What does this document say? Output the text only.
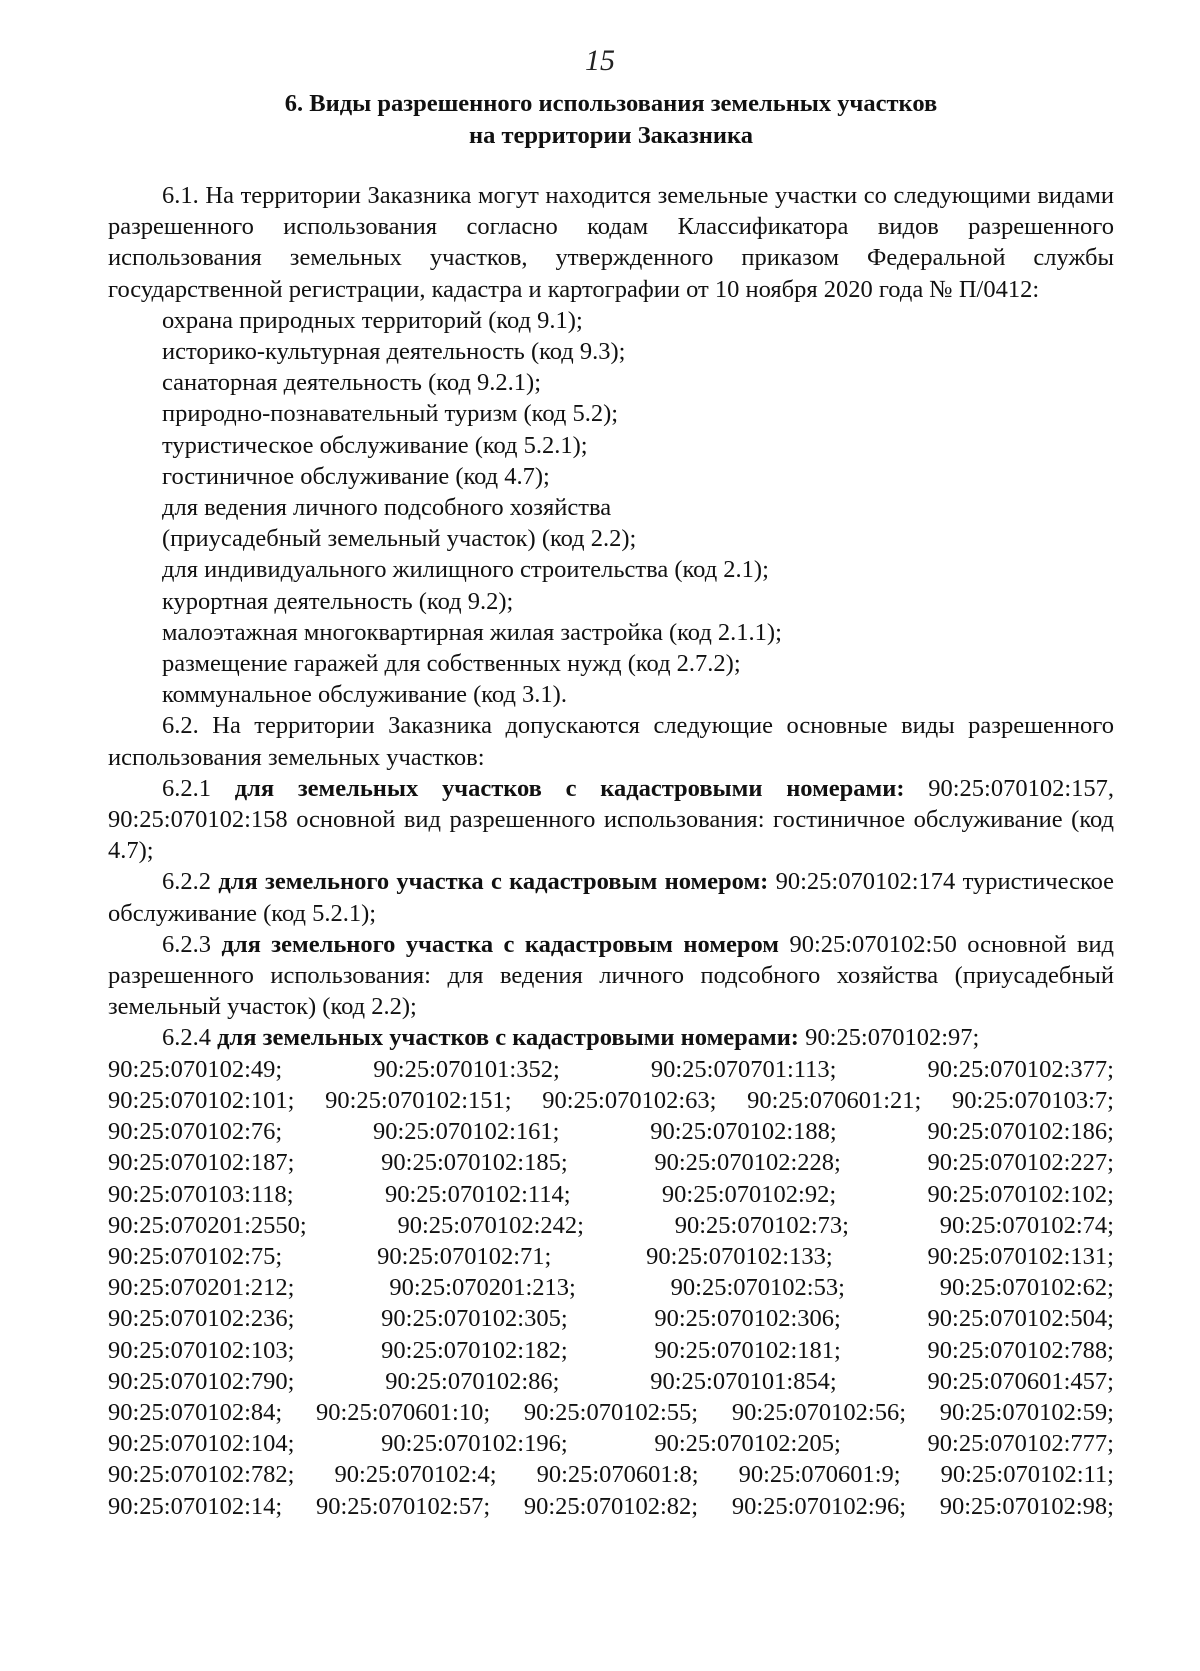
15
6. Виды разрешенного использования земельных участков
на территории Заказника

6.1. На территории Заказника могут находится земельные участки со следующими видами разрешенного использования согласно кодам Классификатора видов разрешенного использования земельных участков, утвержденного приказом Федеральной службы государственной регистрации, кадастра и картографии от 10 ноября 2020 года № П/0412:

охрана природных территорий (код 9.1);
историко-культурная деятельность (код 9.3);
санаторная деятельность (код 9.2.1);
природно-познавательный туризм (код 5.2);
туристическое обслуживание (код 5.2.1);
гостиничное обслуживание (код 4.7);
для ведения личного подсобного хозяйства
(приусадебный земельный участок) (код 2.2);
для индивидуального жилищного строительства (код 2.1);
курортная деятельность (код 9.2);
малоэтажная многоквартирная жилая застройка (код 2.1.1);
размещение гаражей для собственных нужд (код 2.7.2);
коммунальное обслуживание (код 3.1).

6.2. На территории Заказника допускаются следующие основные виды разрешенного использования земельных участков:

6.2.1 для земельных участков с кадастровыми номерами: 90:25:070102:157, 90:25:070102:158 основной вид разрешенного использования: гостиничное обслуживание (код 4.7);

6.2.2 для земельного участка с кадастровым номером: 90:25:070102:174 туристическое обслуживание (код 5.2.1);

6.2.3 для земельного участка с кадастровым номером 90:25:070102:50 основной вид разрешенного использования: для ведения личного подсобного хозяйства (приусадебный земельный участок) (код 2.2);

6.2.4 для земельных участков с кадастровыми номерами: 90:25:070102:97;

90:25:070102:49;	90:25:070101:352;	90:25:070701:113;	90:25:070102:377;
90:25:070102:101; 90:25:070102:151; 90:25:070102:63; 90:25:070601:21; 90:25:070103:7;
90:25:070102:76;	90:25:070102:161;	90:25:070102:188;	90:25:070102:186;
90:25:070102:187;	90:25:070102:185;	90:25:070102:228;	90:25:070102:227;
90:25:070103:118;	90:25:070102:114;	90:25:070102:92;	90:25:070102:102;
90:25:070201:2550;	90:25:070102:242;	90:25:070102:73;	90:25:070102:74;
90:25:070102:75;	90:25:070102:71;	90:25:070102:133;	90:25:070102:131;
90:25:070201:212;	90:25:070201:213;	90:25:070102:53;	90:25:070102:62;
90:25:070102:236;	90:25:070102:305;	90:25:070102:306;	90:25:070102:504;
90:25:070102:103;	90:25:070102:182;	90:25:070102:181;	90:25:070102:788;
90:25:070102:790;	90:25:070102:86;	90:25:070101:854;	90:25:070601:457;
90:25:070102:84; 90:25:070601:10; 90:25:070102:55; 90:25:070102:56; 90:25:070102:59;
90:25:070102:104;	90:25:070102:196;	90:25:070102:205;	90:25:070102:777;
90:25:070102:782; 90:25:070102:4; 90:25:070601:8; 90:25:070601:9; 90:25:070102:11;
90:25:070102:14; 90:25:070102:57; 90:25:070102:82; 90:25:070102:96; 90:25:070102:98;
